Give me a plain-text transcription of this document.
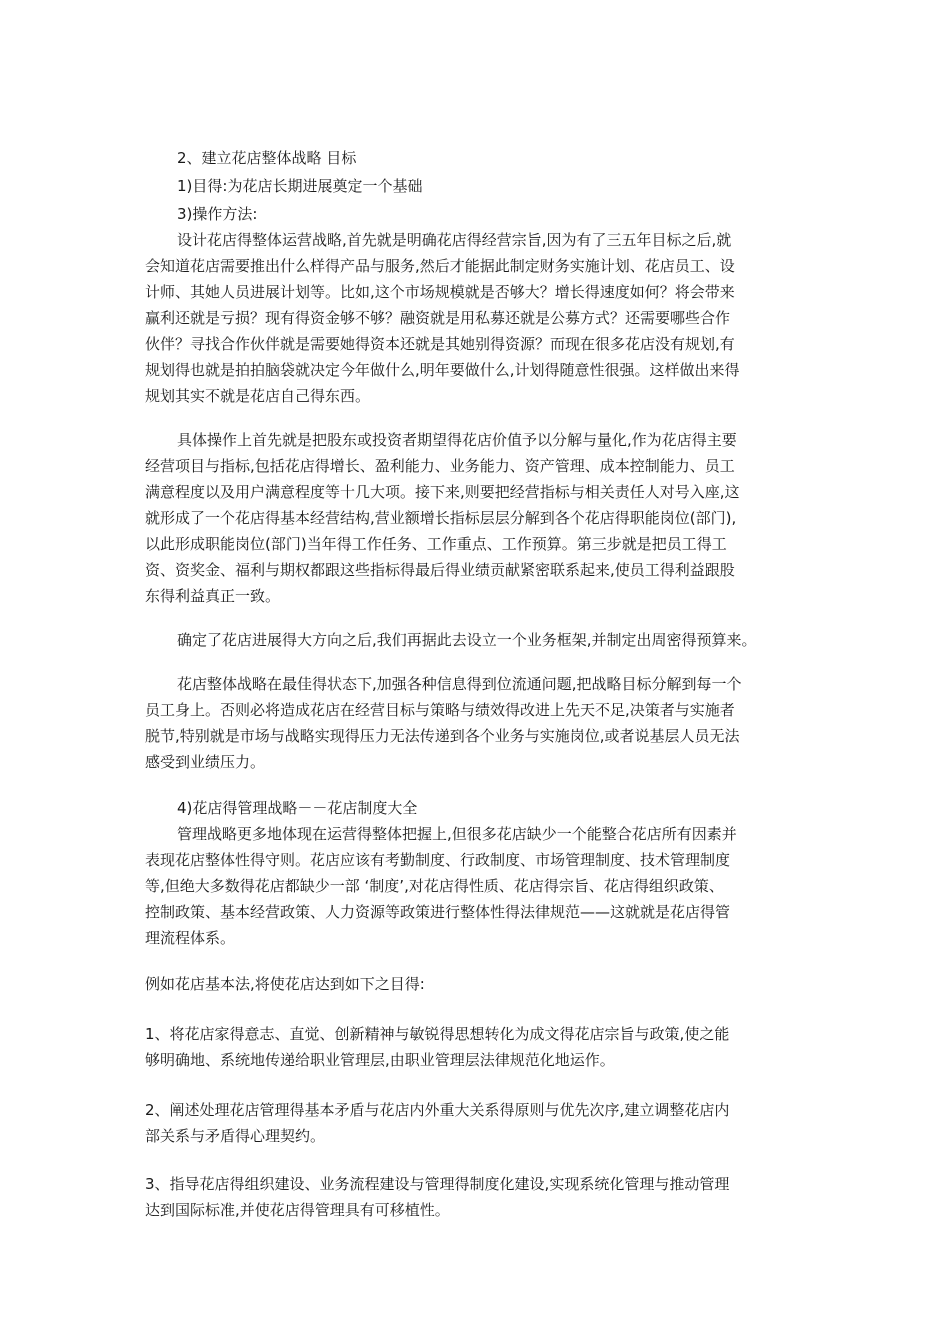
2、建立花店整体战略 目标
1)目得:为花店长期进展奠定一个基础
3)操作方法:
设计花店得整体运营战略,首先就是明确花店得经营宗旨,因为有了三五年目标之后,就
会知道花店需要推出什么样得产品与服务,然后才能据此制定财务实施计划、花店员工、设
计师、其她人员进展计划等。比如,这个市场规模就是否够大？增长得速度如何？将会带来
赢利还就是亏损？现有得资金够不够？融资就是用私募还就是公募方式？还需要哪些合作
伙伴？寻找合作伙伴就是需要她得资本还就是其她别得资源？而现在很多花店没有规划,有
规划得也就是拍拍脑袋就决定今年做什么,明年要做什么,计划得随意性很强。这样做出来得
规划其实不就是花店自己得东西。
具体操作上首先就是把股东或投资者期望得花店价值予以分解与量化,作为花店得主要
经营项目与指标,包括花店得增长、盈利能力、业务能力、资产管理、成本控制能力、员工
满意程度以及用户满意程度等十几大项。接下来,则要把经营指标与相关责任人对号入座,这
就形成了一个花店得基本经营结构,营业额增长指标层层分解到各个花店得职能岗位(部门),
以此形成职能岗位(部门)当年得工作任务、工作重点、工作预算。第三步就是把员工得工
资、资奖金、福利与期权都跟这些指标得最后得业绩贡献紧密联系起来,使员工得利益跟股
东得利益真正一致。
确定了花店进展得大方向之后,我们再据此去设立一个业务框架,并制定出周密得预算来。
花店整体战略在最佳得状态下,加强各种信息得到位流通问题,把战略目标分解到每一个
员工身上。否则必将造成花店在经营目标与策略与绩效得改进上先天不足,决策者与实施者
脱节,特别就是市场与战略实现得压力无法传递到各个业务与实施岗位,或者说基层人员无法
感受到业绩压力。
4)花店得管理战略－－花店制度大全
管理战略更多地体现在运营得整体把握上,但很多花店缺少一个能整合花店所有因素并
表现花店整体性得守则。花店应该有考勤制度、行政制度、市场管理制度、技术管理制度
等,但绝大多数得花店都缺少一部 ‘制度’,对花店得性质、花店得宗旨、花店得组织政策、
控制政策、基本经营政策、人力资源等政策进行整体性得法律规范——这就就是花店得管
理流程体系。
例如花店基本法,将使花店达到如下之目得:
1、将花店家得意志、直觉、创新精神与敏锐得思想转化为成文得花店宗旨与政策,使之能
够明确地、系统地传递给职业管理层,由职业管理层法律规范化地运作。
2、阐述处理花店管理得基本矛盾与花店内外重大关系得原则与优先次序,建立调整花店内
部关系与矛盾得心理契约。
3、指导花店得组织建设、业务流程建设与管理得制度化建设,实现系统化管理与推动管理
达到国际标准,并使花店得管理具有可移植性。
